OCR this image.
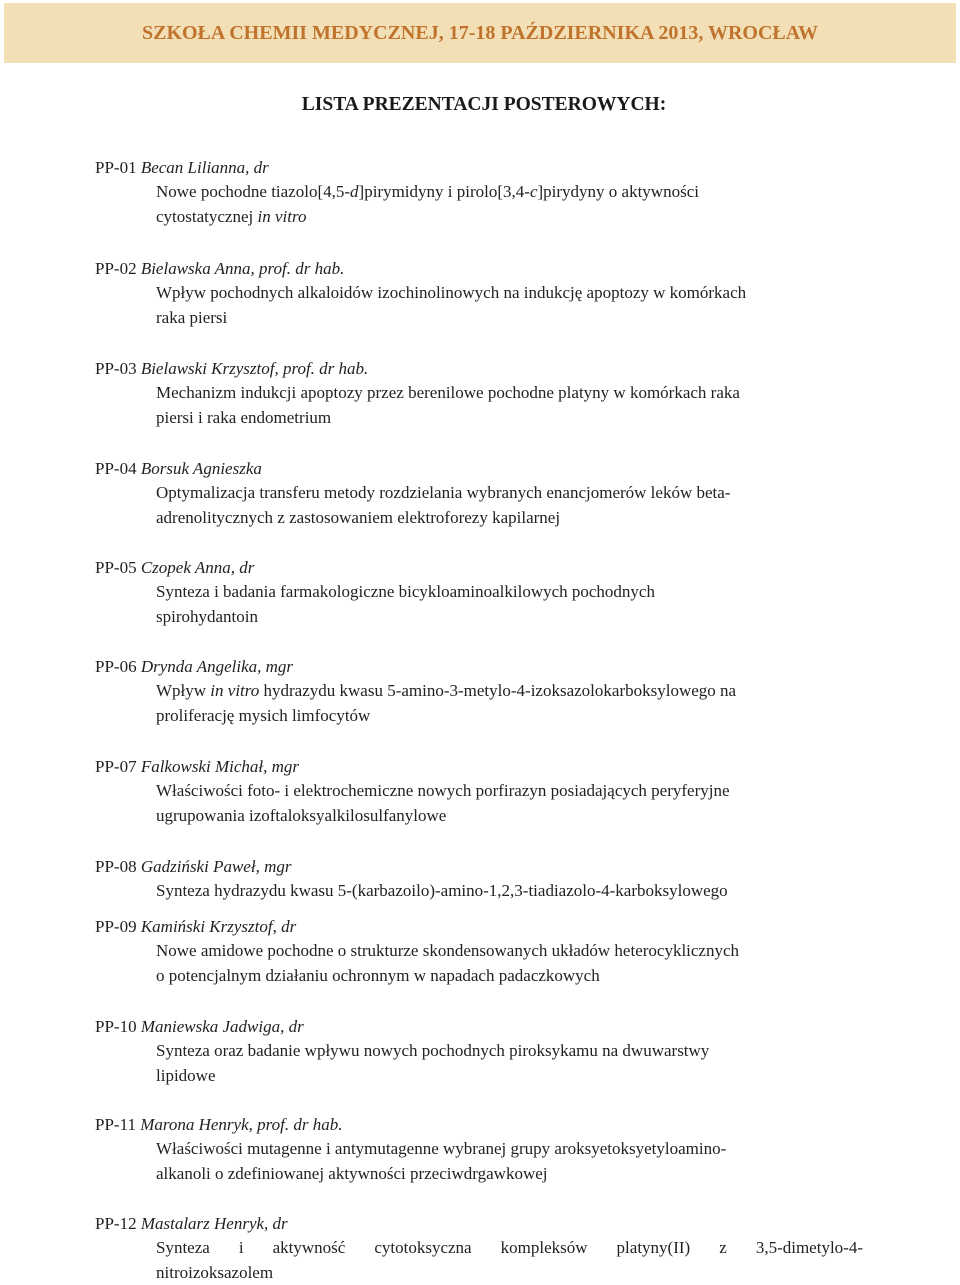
SZKOŁA CHEMII MEDYCZNEJ, 17-18 PAŹDZIERNIKA 2013, WROCŁAW
LISTA PREZENTACJI POSTEROWYCH:
PP-01 Becan Lilianna, dr
Nowe pochodne tiazolo[4,5-d]pirymidyny i pirolo[3,4-c]pirydyny o aktywności
cytostatycznej in vitro
PP-02 Bielawska Anna, prof. dr hab.
Wpływ pochodnych alkaloidów izochinolinowych na indukcję apoptozy w komórkach
raka piersi
PP-03 Bielawski Krzysztof, prof. dr hab.
Mechanizm indukcji apoptozy przez berenilowe pochodne platyny w komórkach raka
piersi i raka endometrium
PP-04 Borsuk Agnieszka
Optymalizacja transferu metody rozdzielania wybranych enancjomerów leków beta-
adrenolitycznych z zastosowaniem elektroforezy kapilarnej
PP-05 Czopek Anna, dr
Synteza i badania farmakologiczne bicykloaminoalkilowych pochodnych
spirohydantoin
PP-06 Drynda Angelika, mgr
Wpływ in vitro hydrazydu kwasu 5-amino-3-metylo-4-izoksazolokarboksylowego na
proliferację mysich limfocytów
PP-07 Falkowski Michał, mgr
Właściwości foto- i elektrochemiczne nowych porfirazyn posiadających peryferyjne
ugrupowania izoftaloksyalkilosulfanylowe
PP-08 Gadziński Paweł, mgr
Synteza hydrazydu kwasu 5-(karbazoilo)-amino-1,2,3-tiadiazolo-4-karboksylowego
PP-09 Kamiński Krzysztof, dr
Nowe amidowe pochodne o strukturze skondensowanych układów heterocyklicznych
o potencjalnym działaniu ochronnym w napadach padaczkowych
PP-10 Maniewska Jadwiga, dr
Synteza oraz badanie wpływu nowych pochodnych piroksykamu na dwuwarstwy
lipidowe
PP-11 Marona Henryk, prof. dr hab.
Właściwości mutagenne i antymutagenne wybranej grupy aroksyetoksyetyloamino-
alkanoli o zdefiniowanej aktywności przeciwdrgawkowej
PP-12 Mastalarz Henryk, dr
Synteza i aktywność cytotoksyczna kompleksów platyny(II) z 3,5-dimetylo-4-
nitroizoksazolem
